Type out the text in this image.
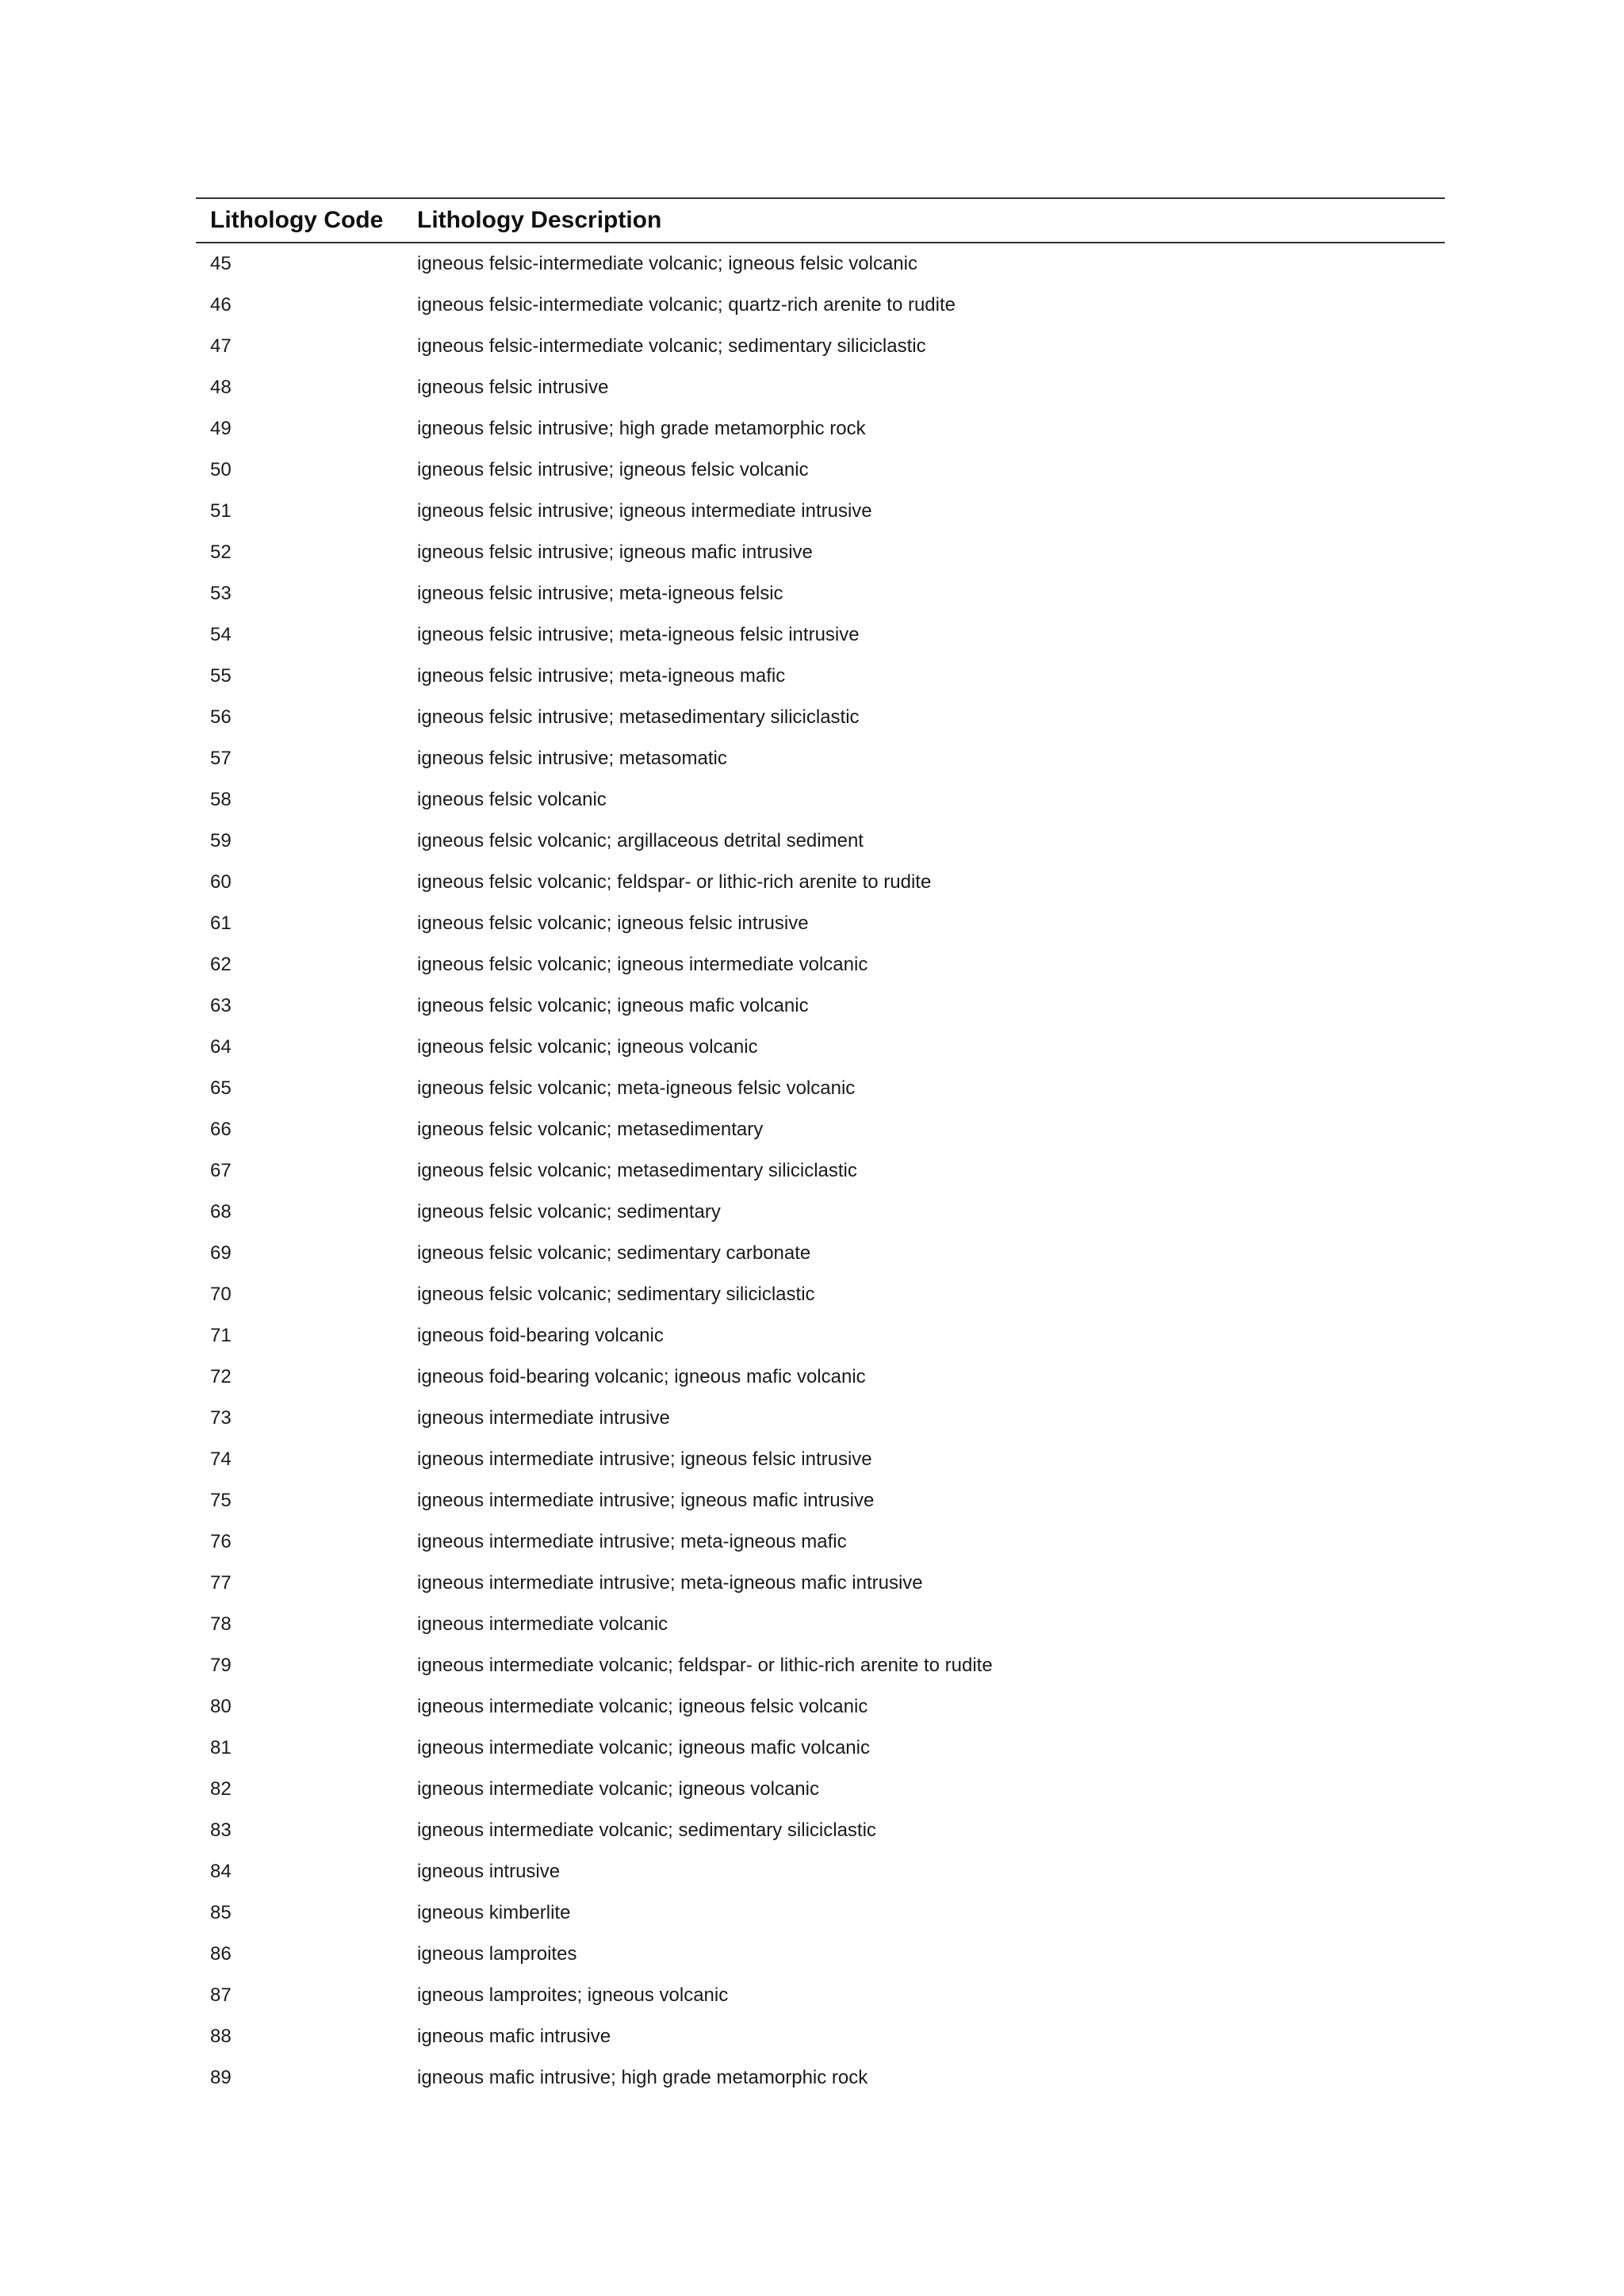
Lithology Code	Lithology Description
45	igneous felsic-intermediate volcanic; igneous felsic volcanic
46	igneous felsic-intermediate volcanic; quartz-rich arenite to rudite
47	igneous felsic-intermediate volcanic; sedimentary siliciclastic
48	igneous felsic intrusive
49	igneous felsic intrusive; high grade metamorphic rock
50	igneous felsic intrusive; igneous felsic volcanic
51	igneous felsic intrusive; igneous intermediate intrusive
52	igneous felsic intrusive; igneous mafic intrusive
53	igneous felsic intrusive; meta-igneous felsic
54	igneous felsic intrusive; meta-igneous felsic intrusive
55	igneous felsic intrusive; meta-igneous mafic
56	igneous felsic intrusive; metasedimentary siliciclastic
57	igneous felsic intrusive; metasomatic
58	igneous felsic volcanic
59	igneous felsic volcanic; argillaceous detrital sediment
60	igneous felsic volcanic; feldspar- or lithic-rich arenite to rudite
61	igneous felsic volcanic; igneous felsic intrusive
62	igneous felsic volcanic; igneous intermediate volcanic
63	igneous felsic volcanic; igneous mafic volcanic
64	igneous felsic volcanic; igneous volcanic
65	igneous felsic volcanic; meta-igneous felsic volcanic
66	igneous felsic volcanic; metasedimentary
67	igneous felsic volcanic; metasedimentary siliciclastic
68	igneous felsic volcanic; sedimentary
69	igneous felsic volcanic; sedimentary carbonate
70	igneous felsic volcanic; sedimentary siliciclastic
71	igneous foid-bearing volcanic
72	igneous foid-bearing volcanic; igneous mafic volcanic
73	igneous intermediate intrusive
74	igneous intermediate intrusive; igneous felsic intrusive
75	igneous intermediate intrusive; igneous mafic intrusive
76	igneous intermediate intrusive; meta-igneous mafic
77	igneous intermediate intrusive; meta-igneous mafic intrusive
78	igneous intermediate volcanic
79	igneous intermediate volcanic; feldspar- or lithic-rich arenite to rudite
80	igneous intermediate volcanic; igneous felsic volcanic
81	igneous intermediate volcanic; igneous mafic volcanic
82	igneous intermediate volcanic; igneous volcanic
83	igneous intermediate volcanic; sedimentary siliciclastic
84	igneous intrusive
85	igneous kimberlite
86	igneous lamproites
87	igneous lamproites; igneous volcanic
88	igneous mafic intrusive
89	igneous mafic intrusive; high grade metamorphic rock
